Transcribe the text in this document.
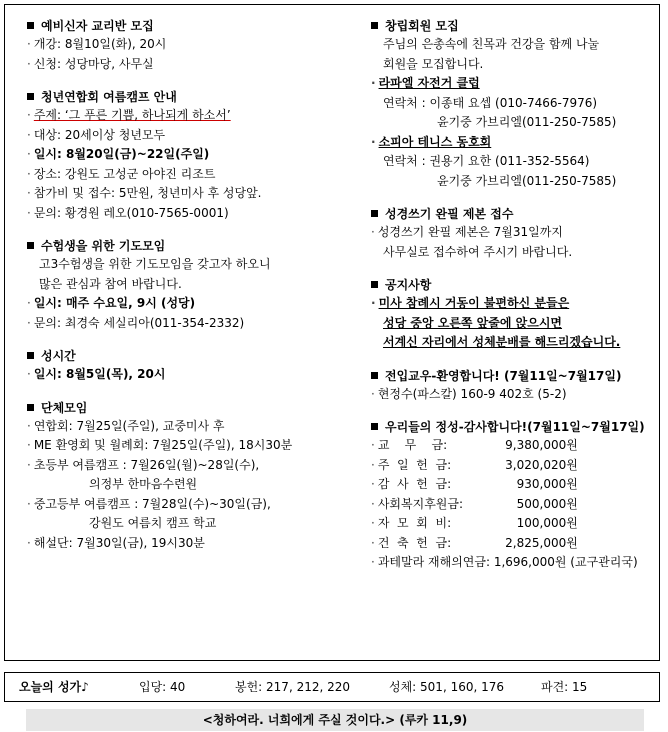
예비신자 교리반 모집
· 개강: 8월10일(화), 20시
· 신청: 성당마당, 사무실
청년연합회 여름캠프 안내
· 주제: ‘그 푸른 기쁨, 하나되게 하소서’
· 대상: 20세이상 청년모두
· 일시: 8월20일(금)~22일(주일)
· 장소: 강원도 고성군 아야진 리조트
· 참가비 및 접수: 5만원, 청년미사 후 성당앞.
· 문의: 황경원 레오(010-7565-0001)
수험생을 위한 기도모임
고3수험생을 위한 기도모임을 갖고자 하오니
많은 관심과 참여 바랍니다.
· 일시: 매주 수요일, 9시 (성당)
· 문의: 최경숙 세실리아(011-354-2332)
성시간
· 일시: 8월5일(목), 20시
단체모임
· 연합회: 7월25일(주일), 교중미사 후
· ME 환영회 및 월례회: 7월25일(주일), 18시30분
· 초등부 여름캠프 : 7월26일(월)~28일(수),
의정부 한마음수련원
· 중고등부 여름캠프 : 7월28일(수)~30일(금),
강원도 여름치 캠프 학교
· 해설단: 7월30일(금), 19시30분
창립회원 모집
주님의 은총속에 친목과 건강을 함께 나눌
회원을 모집합니다.
· 라파엘 자전거 클럽
연락처 : 이종태 요셉 (010-7466-7976)
윤기중 가브리엘(011-250-7585)
· 소피아 테니스 동호회
연락처 : 권용기 요한 (011-352-5564)
윤기중 가브리엘(011-250-7585)
성경쓰기 완필 제본 접수
· 성경쓰기 완필 제본은 7월31일까지
사무실로 접수하여 주시기 바랍니다.
공지사항
· 미사 참례시 거동이 불편하신 분들은
성당 중앙 오른쪽 앞줄에 앉으시면
서계신 자리에서 성체분배를 해드리겠습니다.
전입교우-환영합니다! (7월11일~7월17일)
· 현정수(파스칼) 160-9 402호 (5-2)
우리들의 정성-감사합니다!(7월11일~7월17일)
· 교    무    금:	9,380,000원
· 주  일  헌  금:	3,020,020원
· 감  사  헌  금:	930,000원
· 사회복지후원금:	500,000원
· 자  모  회  비:	100,000원
· 건  축  헌  금:	2,825,000원
· 과테말라 재해의연금: 1,696,000원 (교구관리국)
오늘의 성가♪	입당: 40	봉헌: 217, 212, 220	성체: 501, 160, 176	파견: 15
<청하여라. 너희에게 주실 것이다.> (루카 11,9)
